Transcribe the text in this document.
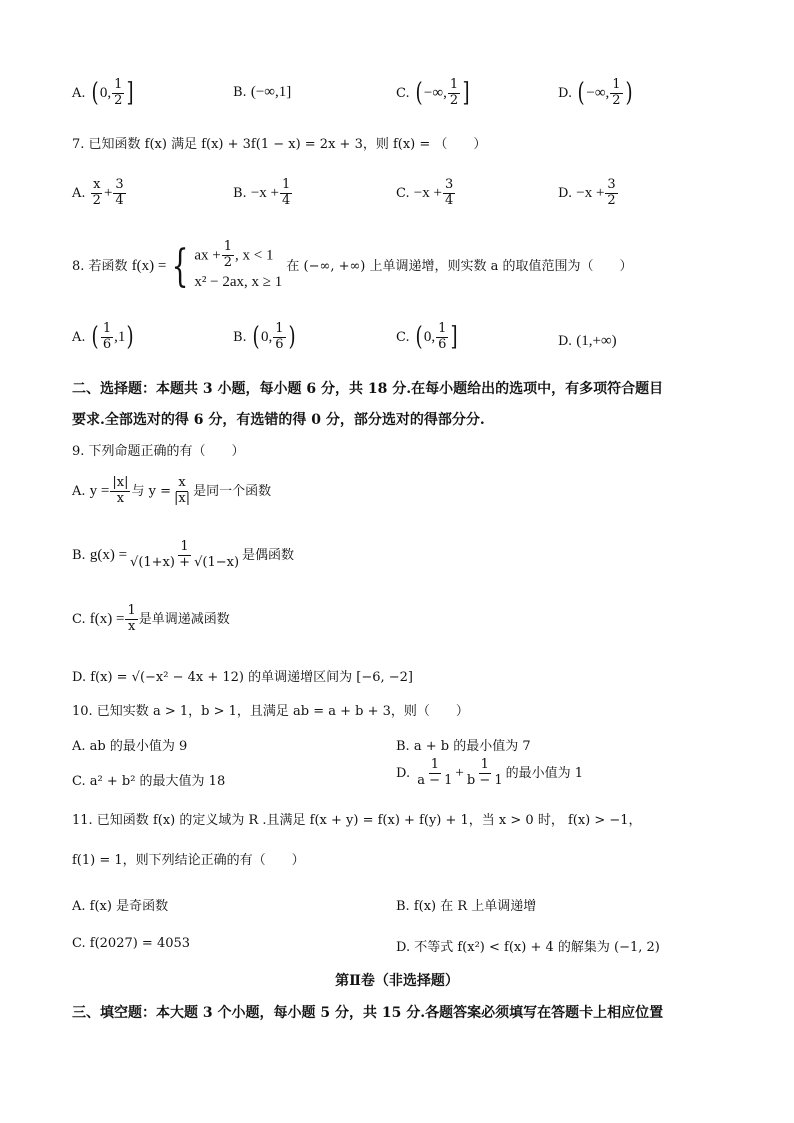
A. ( 0, $\frac{1}{2}$ ]	B. (−∞,1]	C. ( −∞, $\frac{1}{2}$ ]	D. ( −∞, $\frac{1}{2}$ )
7. 已知函数 f(x) 满足 f(x) + 3f(1 − x) = 2x + 3，则 f(x) = （　　）
A. $\frac{x}{2} + \frac{3}{4}$	B. $-x + \frac{1}{4}$	C. $-x + \frac{3}{4}$	D. $-x + \frac{3}{2}$
8. 若函数 f(x) = { ax + $\frac{1}{2}$ , x < 1
x² − 2ax, x ≥ 1
在 (−∞, +∞) 上单调递增，则实数 a 的取值范围为（　　）
A. ( $\frac{1}{6} ,1$)	B. ( 0, $\frac{1}{6}$ )	C. ( 0, $\frac{1}{6}$ ]	D. (1,+∞)
二、选择题：本题共 3 小题，每小题 6 分，共 18 分.在每小题给出的选项中，有多项符合题目
要求.全部选对的得 6 分，有选错的得 0 分，部分选对的得部分分.
9. 下列命题正确的有（　　）
A. $y = \frac{|x|}{x}$ 与 $y = \frac{x}{|x|}$ 是同一个函数
B. $g(x) = \frac{1}{√(1+x) + √(1-x)}$ 是偶函数
C. $f(x) = \frac{1}{x}$ 是单调递减函数
D. f(x) = √(−x² − 4x + 12) 的单调递增区间为 [−6, −2]
10. 已知实数 a > 1，b > 1，且满足 ab = a + b + 3，则（　　）
A. ab 的最小值为 9	B. a + b 的最小值为 7
C. a² + b² 的最大值为 18
D. $\frac{1}{a - 1} + \frac{1}{b - 1}$ 的最小值为 1
11. 已知函数 f(x) 的定义域为 R .且满足 f(x + y) = f(x) + f(y) + 1，当 x > 0 时， f(x) > −1，
f(1) = 1，则下列结论正确的有（　　）
A. f(x) 是奇函数	B. f(x) 在 R 上单调递增
C. f(2027) = 4053	D. 不等式 f(x²) < f(x) + 4 的解集为 (−1, 2)
第Ⅱ卷（非选择题）
三、填空题：本大题 3 个小题，每小题 5 分，共 15 分.各题答案必须填写在答题卡上相应位置
